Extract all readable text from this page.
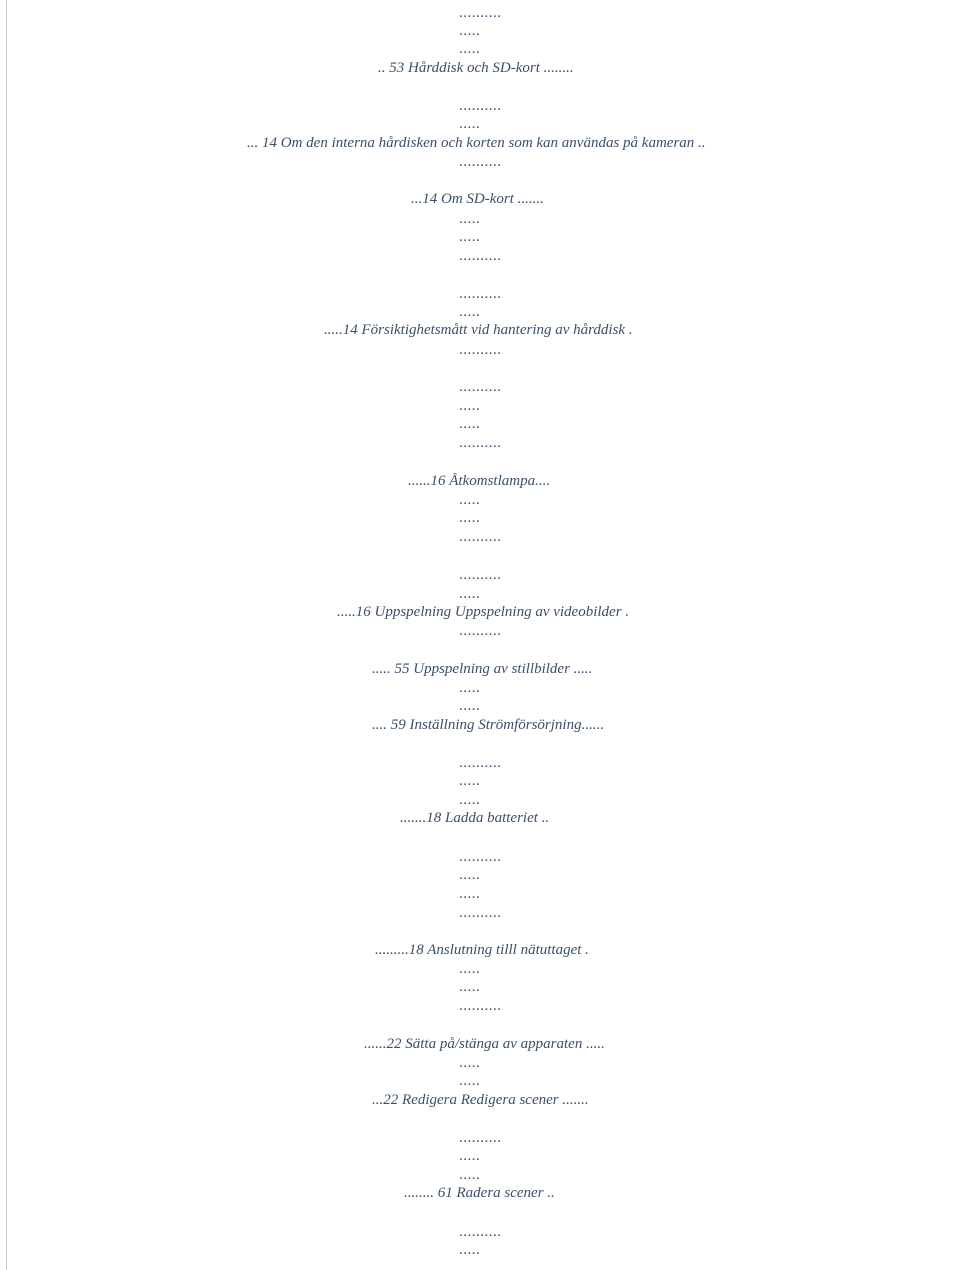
..........
.....
.....
.. 53 Hårddisk och SD-kort ........
..........
.....
... 14 Om den interna hårdisken och korten som kan användas på kameran ..
..........
...14 Om SD-kort .......
.....
.....
..........
..........
.....
.....14 Försiktighetsmått vid hantering av hårddisk .
..........
..........
.....
.....
..........
......16 Åtkomstlampa....
.....
.....
..........
..........
.....
.....16 Uppspelning Uppspelning av videobilder .
..........
..... 55 Uppspelning av stillbilder .....
.....
.....
.... 59 Inställning Strömförsörjning......
..........
.....
.....
.......18 Ladda batteriet ..
..........
.....
.....
..........
.........18 Anslutning tilll nätuttaget .
.....
.....
..........
......22 Sätta på/stänga av apparaten .....
.....
.....
...22 Redigera Redigera scener .......
..........
.....
.....
........ 61 Radera scener ..
..........
.....
